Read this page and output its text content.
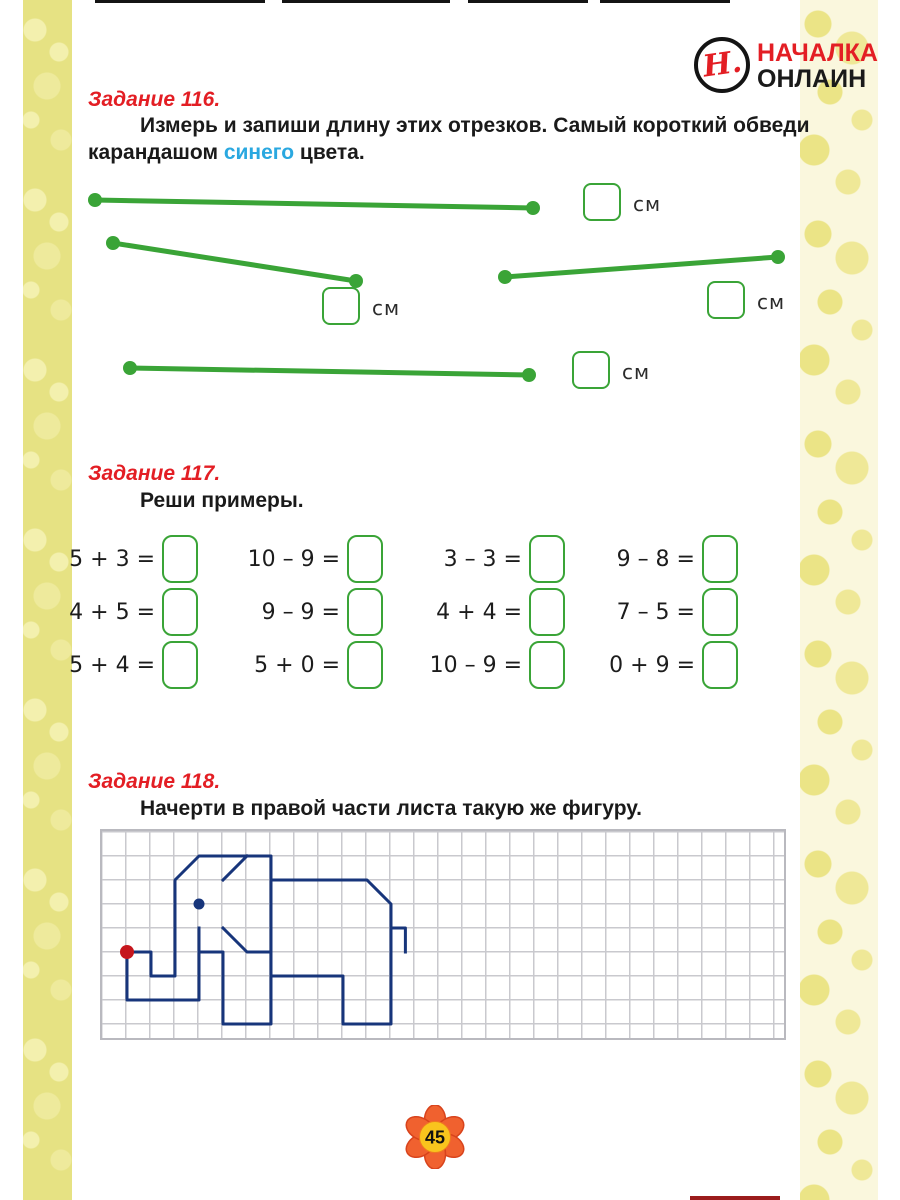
Н. НАЧАЛКА
ОНЛАИН
Задание 116.
Измерь и запиши длину этих отрезков. Самый короткий обведи
карандашом синего цвета.
см
см	см
см
Задание 117.
Реши примеры.
5 + 3 =	10 – 9 =	3 – 3 =	9 – 8 =
4 + 5 =	9 – 9 =	4 + 4 =	7 – 5 =
5 + 4 =	5 + 0 =	10 – 9 =	0 + 9 =
Задание 118.
Начерти в правой части листа такую же фигуру.
45
